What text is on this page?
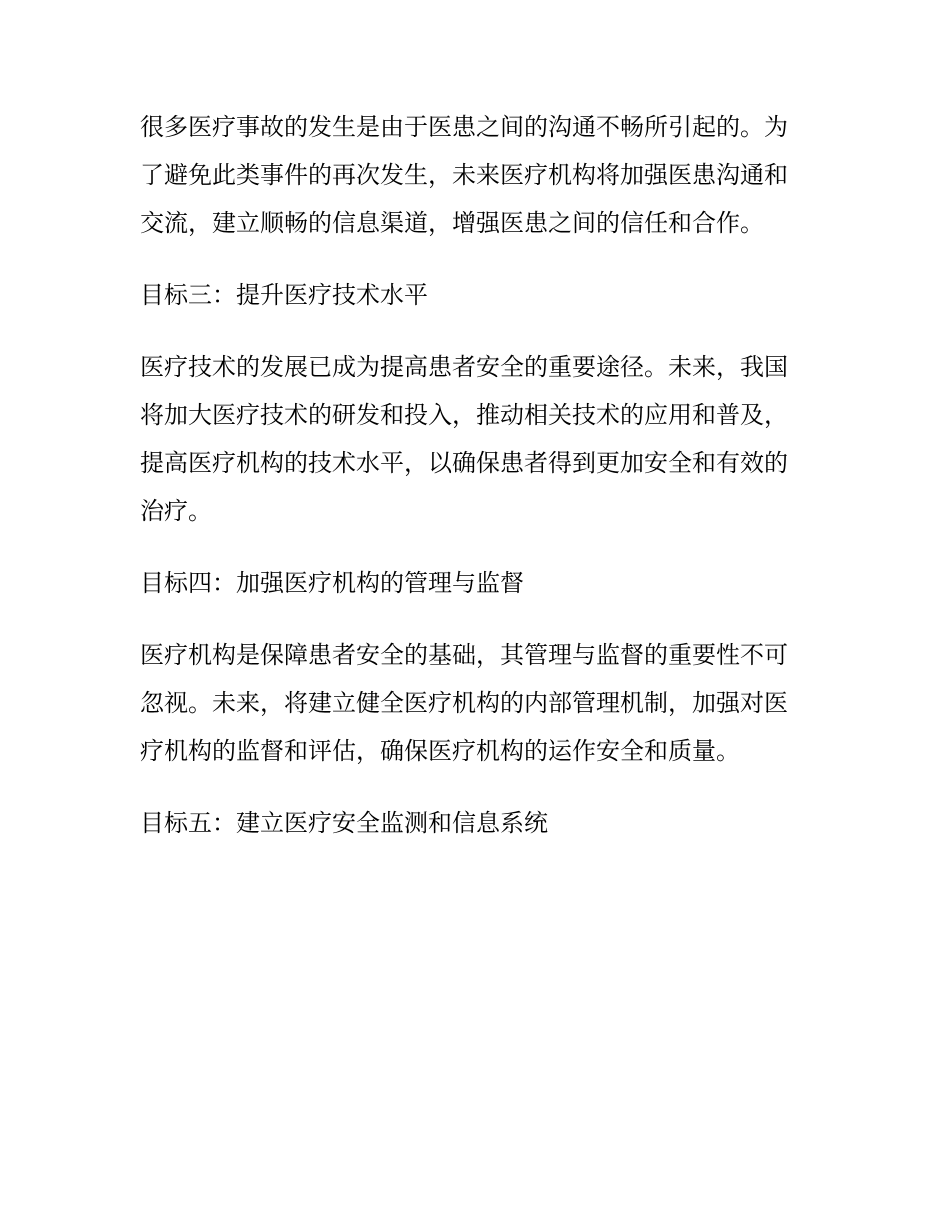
很多医疗事故的发生是由于医患之间的沟通不畅所引起的。为

了避免此类事件的再次发生，未来医疗机构将加强医患沟通和

交流，建立顺畅的信息渠道，增强医患之间的信任和合作。

目标三：提升医疗技术水平

医疗技术的发展已成为提高患者安全的重要途径。未来，我国

将加大医疗技术的研发和投入，推动相关技术的应用和普及，

提高医疗机构的技术水平，以确保患者得到更加安全和有效的

治疗。

目标四：加强医疗机构的管理与监督

医疗机构是保障患者安全的基础，其管理与监督的重要性不可

忽视。未来，将建立健全医疗机构的内部管理机制，加强对医

疗机构的监督和评估，确保医疗机构的运作安全和质量。

目标五：建立医疗安全监测和信息系统
